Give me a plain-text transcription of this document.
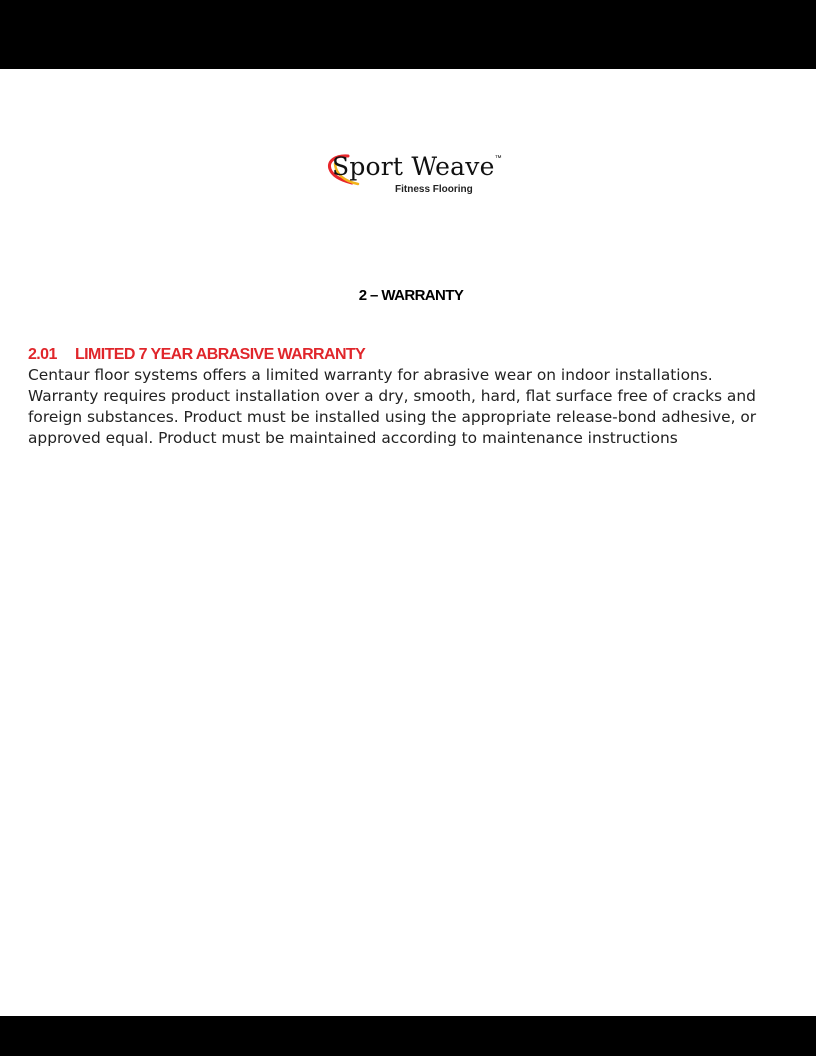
Sport Weave™
Fitness Flooring
2 – WARRANTY
2.01 LIMITED 7 YEAR ABRASIVE WARRANTY

Centaur floor systems offers a limited warranty for abrasive wear on indoor installations.
Warranty requires product installation over a dry, smooth, hard, flat surface free of cracks and
foreign substances. Product must be installed using the appropriate release-bond adhesive, or
approved equal. Product must be maintained according to maintenance instructions
